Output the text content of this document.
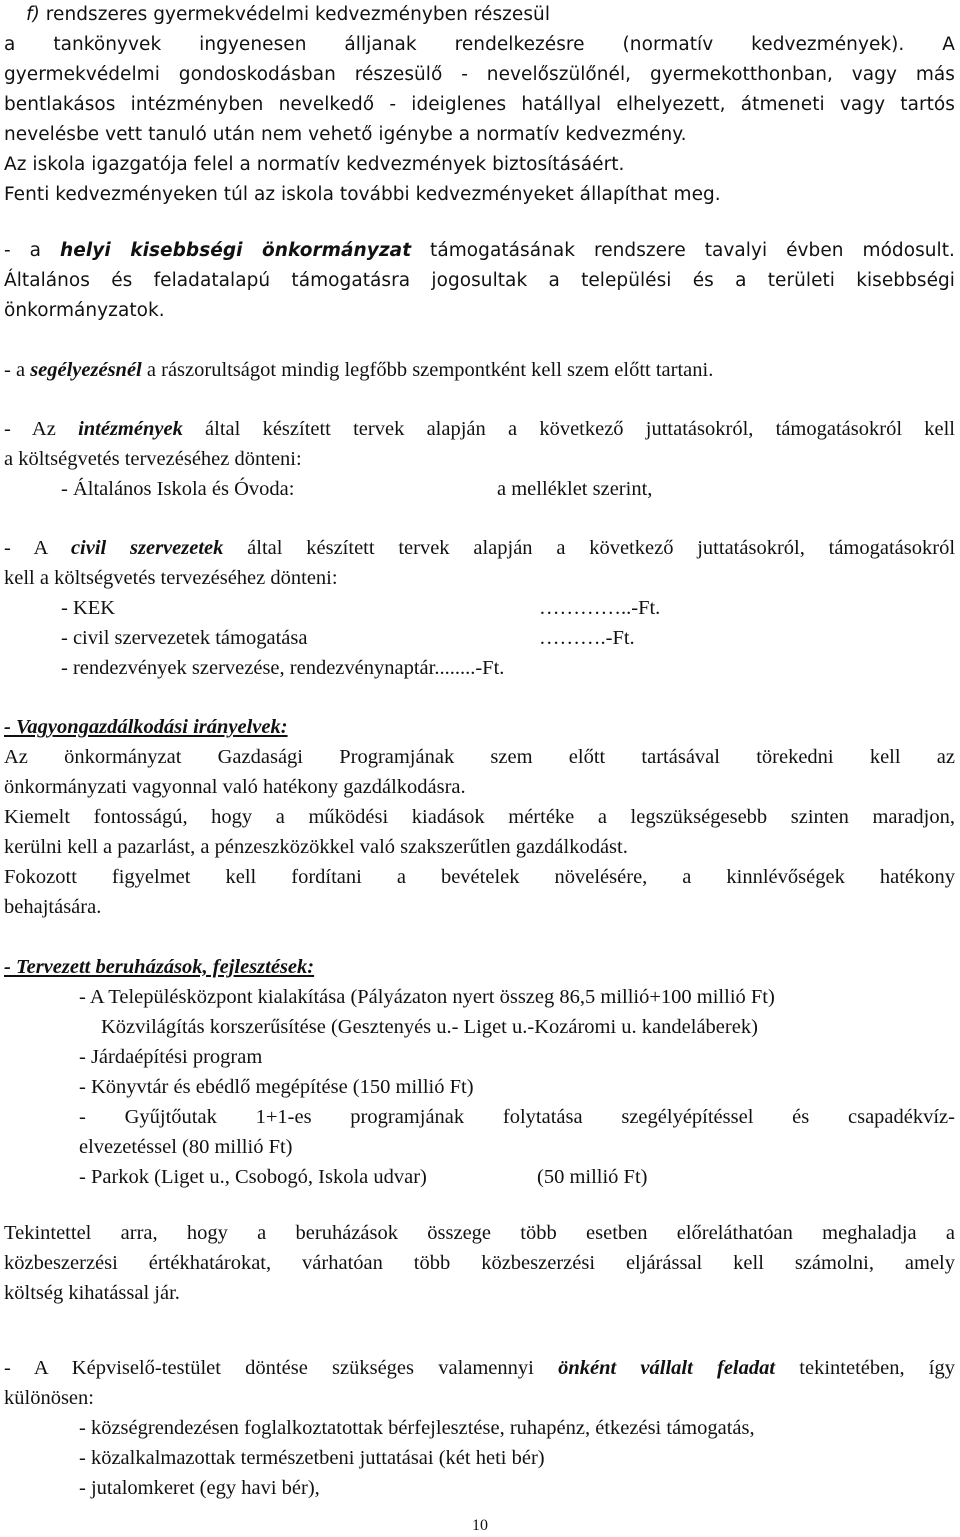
f) rendszeres gyermekvédelmi kedvezményben részesül
a tankönyvek ingyenesen álljanak rendelkezésre (normatív kedvezmények). A
gyermekvédelmi gondoskodásban részesülő - nevelőszülőnél, gyermekotthonban, vagy más
bentlakásos intézményben nevelkedő - ideiglenes hatállyal elhelyezett, átmeneti vagy tartós
nevelésbe vett tanuló után nem vehető igénybe a normatív kedvezmény.
Az iskola igazgatója felel a normatív kedvezmények biztosításáért.
Fenti kedvezményeken túl az iskola további kedvezményeket állapíthat meg.
- a helyi kisebbségi önkormányzat támogatásának rendszere tavalyi évben módosult.
Általános és feladatalapú támogatásra jogosultak a települési és a területi kisebbségi
önkormányzatok.
- a segélyezésnél a rászorultságot mindig legfőbb szempontként kell szem előtt tartani.
- Az intézmények által készített tervek alapján a következő juttatásokról, támogatásokról kell
a költségvetés tervezéséhez dönteni:
- Általános Iskola és Óvoda:	a melléklet szerint,
- A civil szervezetek által készített tervek alapján a következő juttatásokról, támogatásokról
kell a költségvetés tervezéséhez dönteni:
- KEK	…………..-Ft.
- civil szervezetek támogatása	……….-Ft.
- rendezvények szervezése, rendezvénynaptár........-Ft.
- Vagyongazdálkodási irányelvek:
Az önkormányzat Gazdasági Programjának szem előtt tartásával törekedni kell az
önkormányzati vagyonnal való hatékony gazdálkodásra.
Kiemelt fontosságú, hogy a működési kiadások mértéke a legszükségesebb szinten maradjon,
kerülni kell a pazarlást, a pénzeszközökkel való szakszerűtlen gazdálkodást.
Fokozott figyelmet kell fordítani a bevételek növelésére, a kinnlévőségek hatékony
behajtására.
- Tervezett beruházások, fejlesztések:
- A Településközpont kialakítása (Pályázaton nyert összeg 86,5 millió+100 millió Ft)
Közvilágítás korszerűsítése (Gesztenyés u.- Liget u.-Kozáromi u. kandeláberek)
- Járdaépítési program
- Könyvtár és ebédlő megépítése (150 millió Ft)
- Gyűjtőutak 1+1-es programjának folytatása szegélyépítéssel és csapadékvíz-
elvezetéssel (80 millió Ft)
- Parkok (Liget u., Csobogó, Iskola udvar)	(50 millió Ft)
Tekintettel arra, hogy a beruházások összege több esetben előreláthatóan meghaladja a
közbeszerzési értékhatárokat, várhatóan több közbeszerzési eljárással kell számolni, amely
költség kihatással jár.
- A Képviselő-testület döntése szükséges valamennyi önként vállalt feladat tekintetében, így
különösen:
- községrendezésen foglalkoztatottak bérfejlesztése, ruhapénz, étkezési támogatás,
- közalkalmazottak természetbeni juttatásai (két heti bér)
- jutalomkeret (egy havi bér),
10
